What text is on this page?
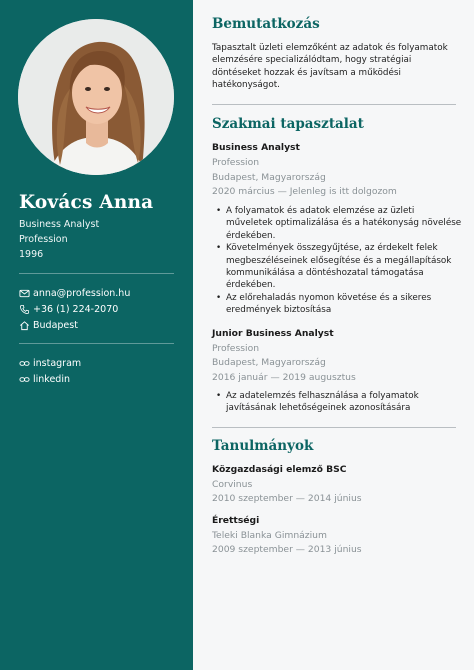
Kovács Anna
Business Analyst
Profession
1996
anna@profession.hu
+36 (1) 224-2070
Budapest
instagram
linkedin
Bemutatkozás
Tapasztalt üzleti elemzőként az adatok és folyamatok elemzésére specializálódtam, hogy stratégiai döntéseket hozzak és javítsam a működési hatékonyságot.
Szakmai tapasztalat
Business Analyst
Profession
Budapest, Magyarország
2020 március — Jelenleg is itt dolgozom
• A folyamatok és adatok elemzése az üzleti műveletek optimalizálása és a hatékonyság növelése érdekében.
• Követelmények összegyűjtése, az érdekelt felek megbeszéléseinek elősegítése és a megállapítások kommunikálása a döntéshozatal támogatása érdekében.
• Az előrehaladás nyomon követése és a sikeres eredmények biztosítása
Junior Business Analyst
Profession
Budapest, Magyarország
2016 január — 2019 augusztus
• Az adatelemzés felhasználása a folyamatok javításának lehetőségeinek azonosítására
Tanulmányok
Közgazdasági elemző BSC
Corvinus
2010 szeptember — 2014 június
Érettségi
Teleki Blanka Gimnázium
2009 szeptember — 2013 június
